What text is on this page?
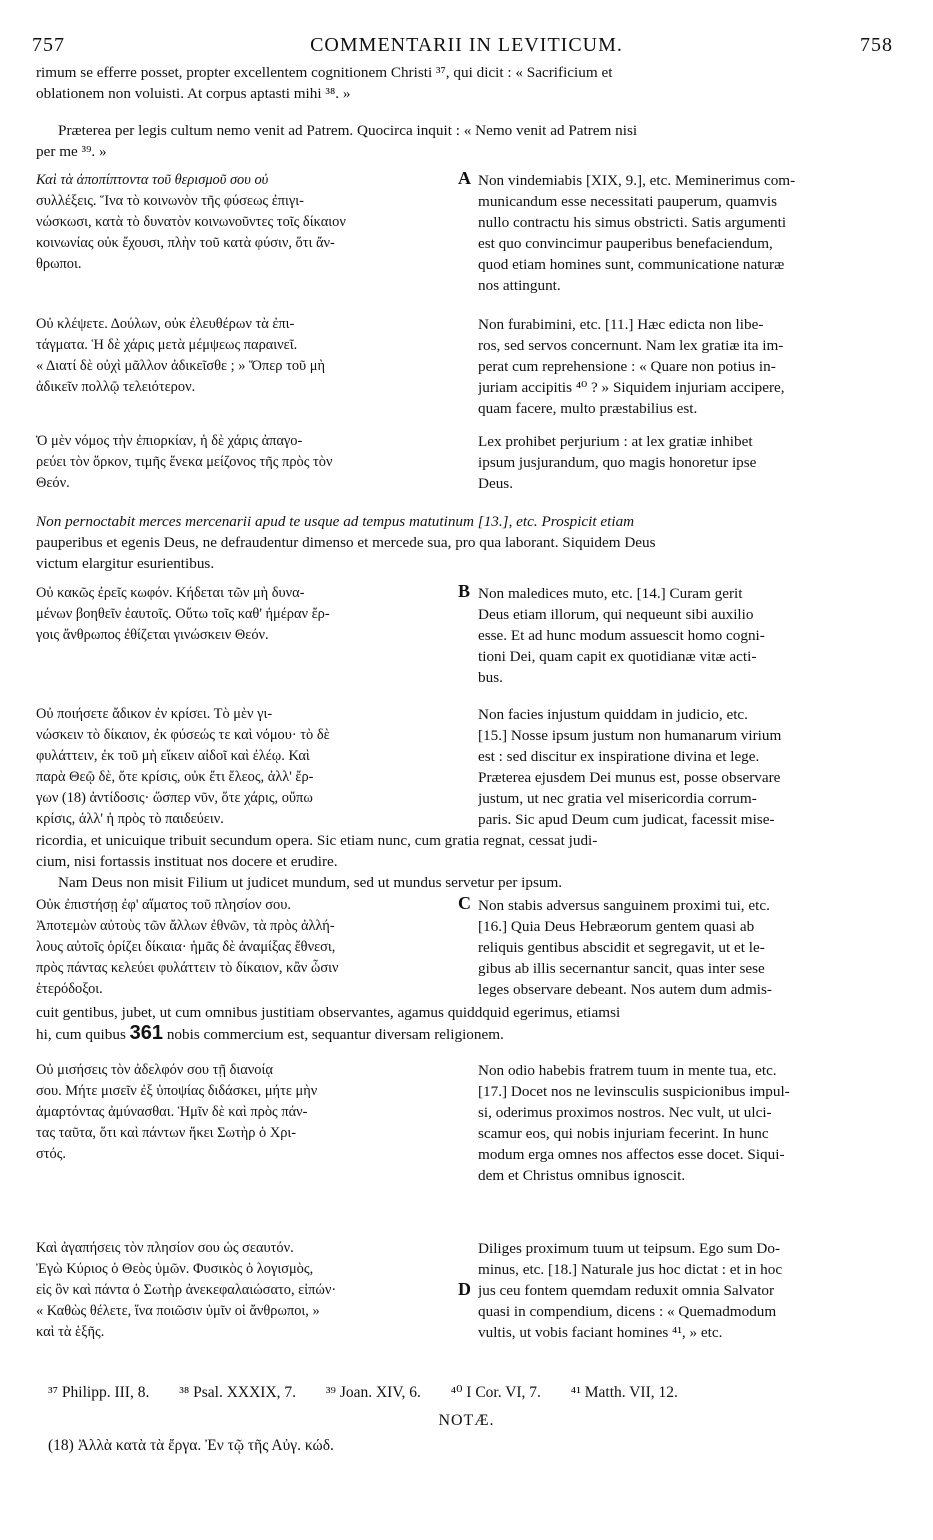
COMMENTARII IN LEVITICUM.
757	758
rimum se efferre posset, propter excellentem cognitionem Christi ³⁷, qui dicit : « Sacrificium et
oblationem non voluisti. At corpus aptasti mihi ³⁸. »
Præterea per legis cultum nemo venit ad Patrem. Quocirca inquit : « Nemo venit ad Patrem nisi
per me ³⁹. »
Καὶ τὰ ἀποπίπτοντα τοῦ θερισμοῦ σου οὐ
συλλέξεις. Ἵνα τὸ κοινωνὸν τῆς φύσεως ἐπιγι-
νώσκωσι, κατὰ τὸ δυνατὸν κοινωνοῦντες τοῖς δίκαιον
κοινωνίας οὐκ ἔχουσι, πλὴν τοῦ κατὰ φύσιν, ὅτι ἄν-
θρωποι.
A Non vindemiabis [XIX, 9.], etc. Meminerimus com-
municandum esse necessitati pauperum, quamvis
nullo contractu his simus obstricti. Satis argumenti
est quo convincimur pauperibus benefaciendum,
quod etiam homines sunt, communicatione naturæ
nos attingunt.
Οὐ κλέψετε. Δούλων, οὐκ ἐλευθέρων τὰ ἐπι-
τάγματα. Ἡ δὲ χάρις μετὰ μέμψεως παραινεῖ.
« Διατί δὲ οὐχὶ μᾶλλον ἀδικεῖσθε ; » Ὅπερ τοῦ μὴ
ἀδικεῖν πολλῷ τελειότερον.
Non furabimini, etc. [11.] Hæc edicta non libe-
ros, sed servos concernunt. Nam lex gratiæ ita im-
perat cum reprehensione : « Quare non potius in-
juriam accipitis ⁴⁰ ? » Siquidem injuriam accipere,
quam facere, multo præstabilius est.
Ὁ μὲν νόμος τὴν ἐπιορκίαν, ἡ δὲ χάρις ἀπαγο-
ρεύει τὸν ὅρκον, τιμῆς ἕνεκα μείζονος τῆς πρὸς τὸν
Θεόν.
Lex prohibet perjurium : at lex gratiæ inhibet
ipsum jusjurandum, quo magis honoretur ipse
Deus.
Non pernoctabit merces mercenarii apud te usque ad tempus matutinum [13.], etc. Prospicit etiam
pauperibus et egenis Deus, ne defraudentur dimenso et mercede sua, pro qua laborant. Siquidem Deus
victum elargitur esurientibus.
Οὐ κακῶς ἐρεῖς κωφόν. Κήδεται τῶν μὴ δυνα-
μένων βοηθεῖν ἑαυτοῖς. Οὕτω τοῖς καθ' ἡμέραν ἔρ-
γοις ἄνθρωπος ἐθίζεται γινώσκειν Θεόν.
B Non maledices muto, etc. [14.] Curam gerit
Deus etiam illorum, qui nequeunt sibi auxilio
esse. Et ad hunc modum assuescit homo cogni-
tioni Dei, quam capit ex quotidianæ vitæ acti-
bus.
Οὐ ποιήσετε ἄδικον ἐν κρίσει. Τὸ μὲν γι-
νώσκειν τὸ δίκαιον, ἐκ φύσεώς τε καὶ νόμου· τὸ δὲ
φυλάττειν, ἐκ τοῦ μὴ εἴκειν αἰδοῖ καὶ ἐλέῳ. Καὶ
παρὰ Θεῷ δὲ, ὅτε κρίσις, οὐκ ἔτι ἔλεος, ἀλλ' ἔρ-
γων (18) ἀντίδοσις· ὥσπερ νῦν, ὅτε χάρις, οὔπω
κρίσις, ἀλλ' ἡ πρὸς τὸ παιδεύειν.
Non facies injustum quiddam in judicio, etc.
[15.] Nosse ipsum justum non humanarum virium
est : sed discitur ex inspiratione divina et lege.
Præterea ejusdem Dei munus est, posse observare
justum, ut nec gratia vel misericordia corrum-
paris. Sic apud Deum cum judicat, facessit mise-
ricordia, et unicuique tribuit secundum opera. Sic etiam nunc, cum gratia regnat, cessat judi-
cium, nisi fortassis instituat nos docere et erudire.
Nam Deus non misit Filium ut judicet mundum, sed ut mundus servetur per ipsum.
Οὐκ ἐπιστήσῃ ἐφ' αἵματος τοῦ πλησίον σου.
Ἀποτεμὼν αὐτοὺς τῶν ἄλλων ἐθνῶν, τὰ πρὸς ἀλλή-
λους αὐτοῖς ὁρίζει δίκαια· ἡμᾶς δὲ ἀναμίξας ἔθνεσι,
πρὸς πάντας κελεύει φυλάττειν τὸ δίκαιον, κἂν ὦσιν
ἑτερόδοξοι.
C Non stabis adversus sanguinem proximi tui, etc.
[16.] Quia Deus Hebræorum gentem quasi ab
reliquis gentibus abscidit et segregavit, ut et le-
gibus ab illis secernantur sancit, quas inter sese
leges observare debeant. Nos autem dum admis-
cuit gentibus, jubet, ut cum omnibus justitiam observantes, agamus quiddquid egerimus, etiamsi
hi, cum quibus 361 nobis commercium est, sequantur diversam religionem.
Οὐ μισήσεις τὸν ἀδελφόν σου τῇ διανοίᾳ
σου. Μήτε μισεῖν ἐξ ὑποψίας διδάσκει, μήτε μὴν
ἁμαρτόντας ἀμύνασθαι. Ἡμῖν δὲ καὶ πρὸς πάν-
τας ταῦτα, ὅτι καὶ πάντων ἥκει Σωτὴρ ὁ Χρι-
στός.
Non odio habebis fratrem tuum in mente tua, etc.
[17.] Docet nos ne levinsculis suspicionibus impul-
si, oderimus proximos nostros. Nec vult, ut ulci-
scamur eos, qui nobis injuriam fecerint. In hunc
modum erga omnes nos affectos esse docet. Siqui-
dem et Christus omnibus ignoscit.
Καὶ ἀγαπήσεις τὸν πλησίον σου ὡς σεαυτόν.
Ἐγὼ Κύριος ὁ Θεὸς ὑμῶν. Φυσικὸς ὁ λογισμὸς,
εἰς ὃν καὶ πάντα ὁ Σωτὴρ ἀνεκεφαλαιώσατο, εἰπών·
« Καθὼς θέλετε, ἵνα ποιῶσιν ὑμῖν οἱ ἄνθρωποι, »
καὶ τὰ ἑξῆς.
D
Diliges proximum tuum ut teipsum. Ego sum Do-
minus, etc. [18.] Naturale jus hoc dictat : et in hoc
jus ceu fontem quemdam reduxit omnia Salvator
quasi in compendium, dicens : « Quemadmodum
vultis, ut vobis faciant homines ⁴¹, » etc.
³⁷ Philipp. III, 8. ³⁸ Psal. XXXIX, 7. ³⁹ Joan. XIV, 6. ⁴⁰ I Cor. VI, 7. ⁴¹ Matth. VII, 12.
NOTÆ.
(18) Ἀλλὰ κατὰ τὰ ἔργα. Ἐν τῷ τῆς Αὐγ. κώδ.
